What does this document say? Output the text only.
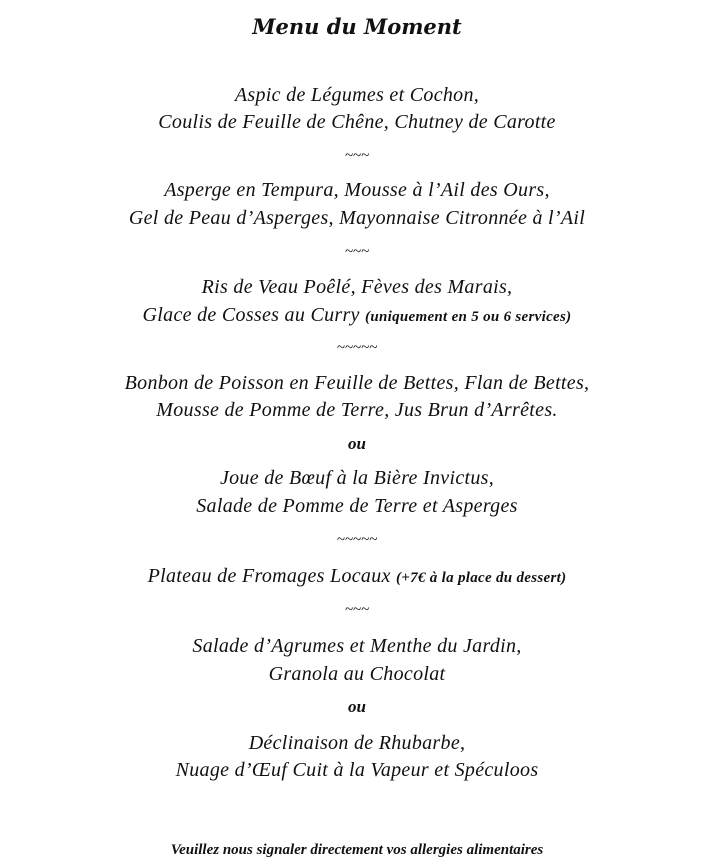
Menu du Moment
Aspic de Légumes et Cochon,
Coulis de Feuille de Chêne, Chutney de Carotte
~~~
Asperge en Tempura, Mousse à l’Ail des Ours,
Gel de Peau d’Asperges, Mayonnaise Citronnée à l’Ail
~~~
Ris de Veau Poêlé, Fèves des Marais,
Glace de Cosses au Curry (uniquement en 5 ou 6 services)
~~~~~
Bonbon de Poisson en Feuille de Bettes, Flan de Bettes,
Mousse de Pomme de Terre, Jus Brun d’Arrêtes.
ou
Joue de Bœuf à la Bière Invictus,
Salade de Pomme de Terre et Asperges
~~~~~
Plateau de Fromages Locaux (+7€ à la place du dessert)
~~~
Salade d’Agrumes et Menthe du Jardin,
Granola au Chocolat
ou
Déclinaison de Rhubarbe,
Nuage d’Œuf Cuit à la Vapeur et Spéculoos
Veuillez nous signaler directement vos allergies alimentaires
